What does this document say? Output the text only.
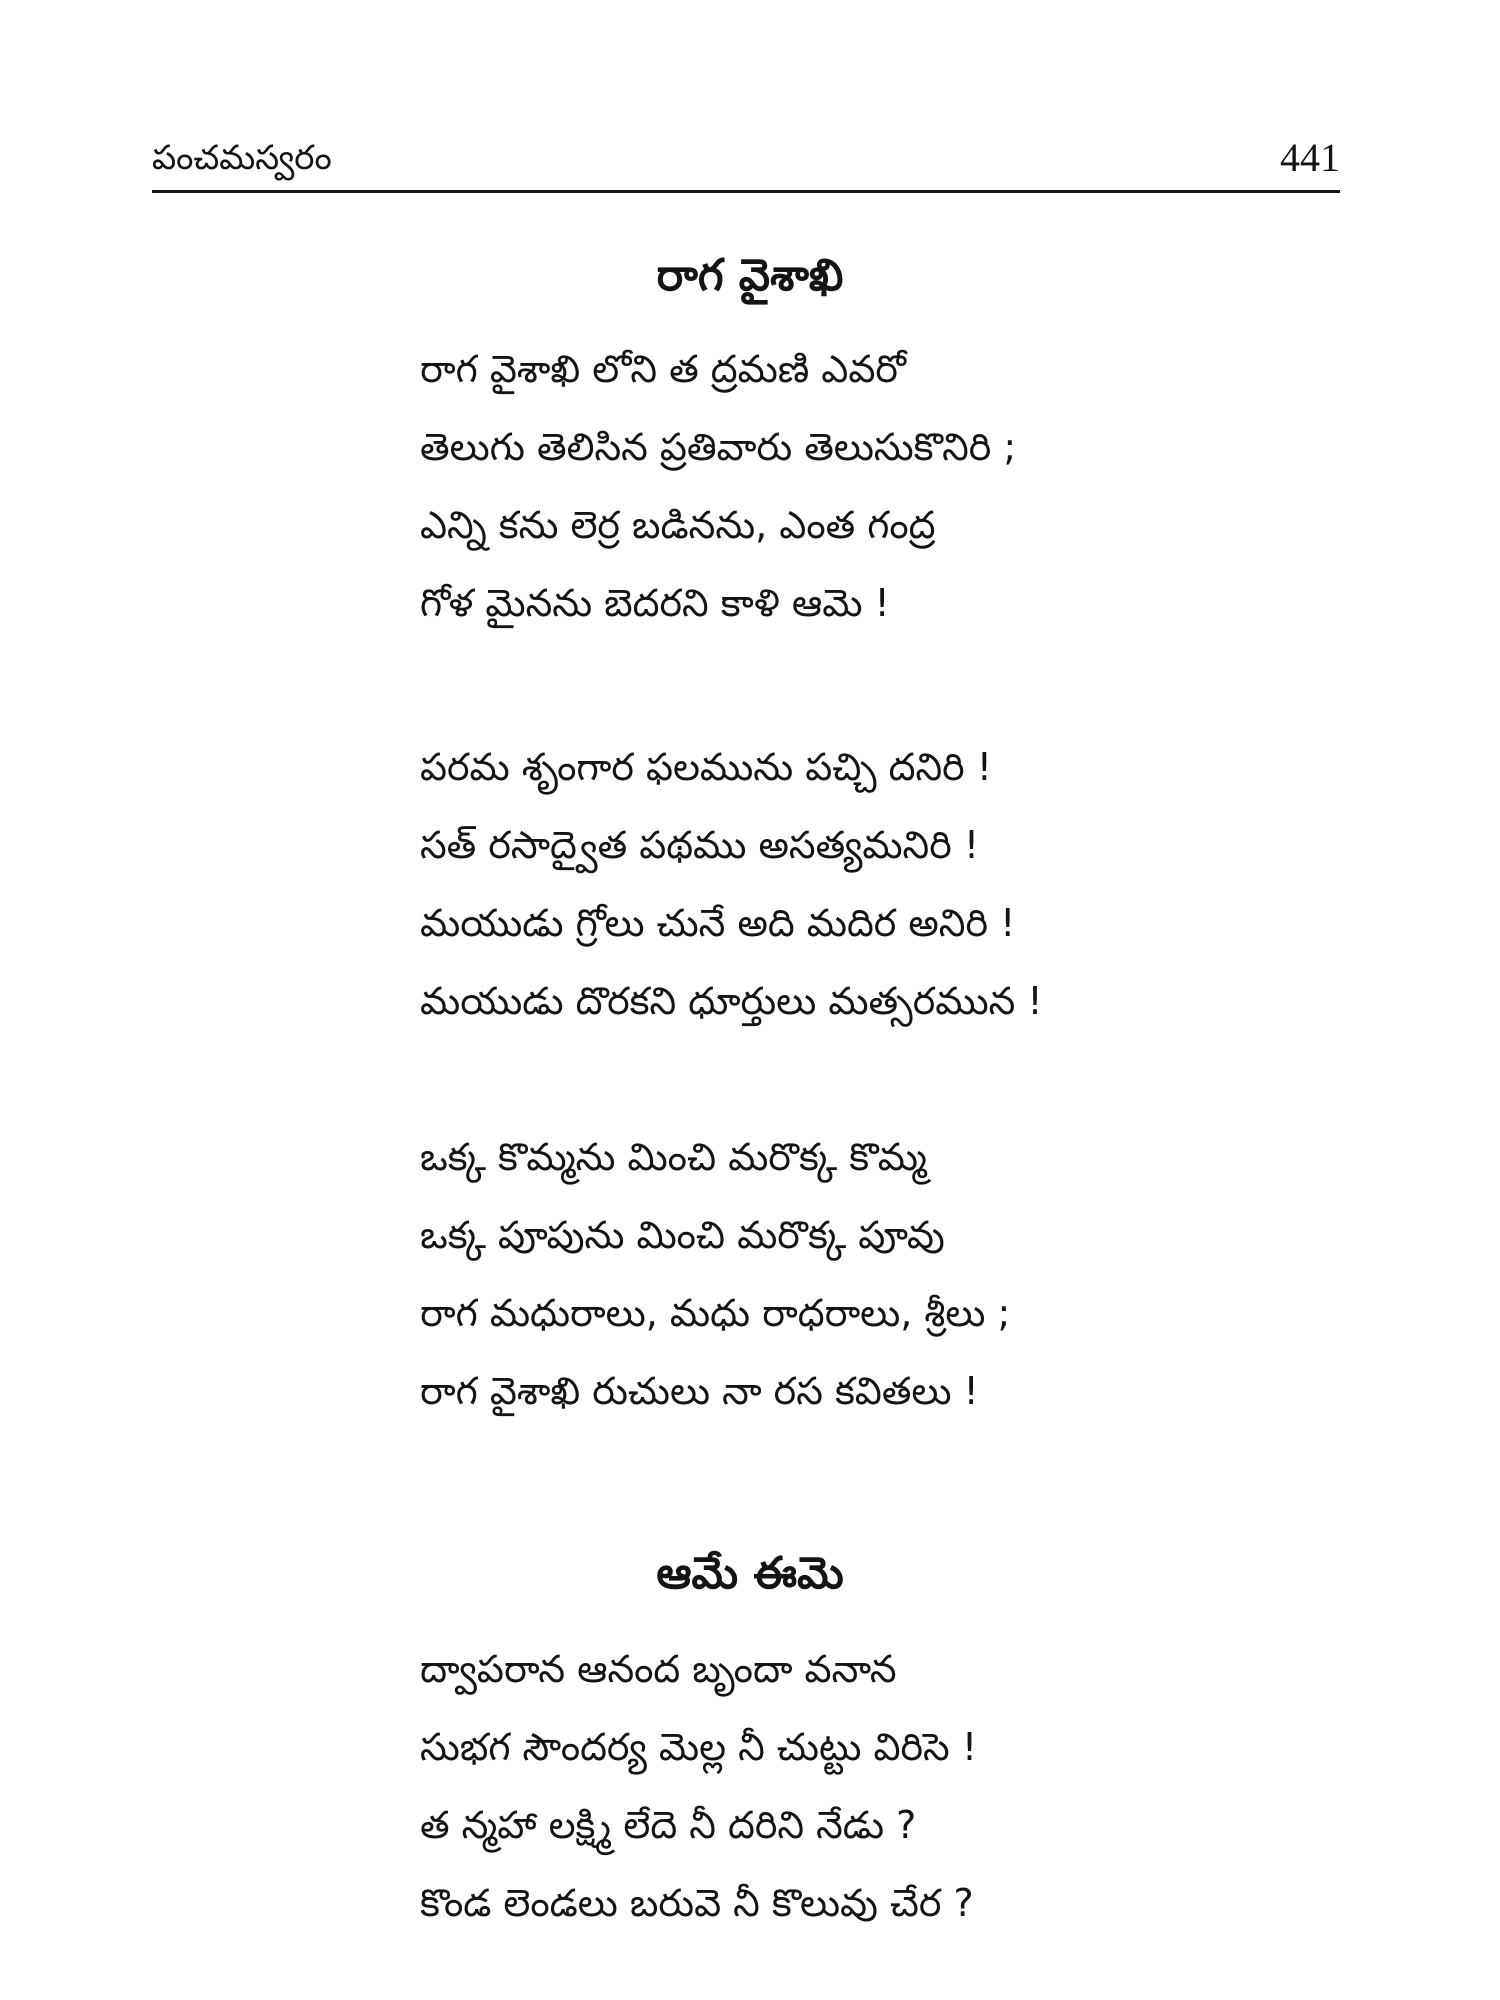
పంచమస్వరం	441
రాగ వైశాఖి
రాగ వైశాఖి లోని త ద్రమణి ఎవరో
తెలుగు తెలిసిన ప్రతివారు తెలుసుకొనిరి ;
ఎన్ని కను లెర్ర బడినను, ఎంత గంద్ర
గోళ మైనను బెదరని కాళి ఆమె !
పరమ శృంగార ఫలమును పచ్చి దనిరి !
సత్ రసాద్వైత పథము అసత్యమనిరి !
మయుడు గ్రోలు చునే అది మదిర అనిరి !
మయుడు దొరకని ధూర్తులు మత్సరమున !
ఒక్క కొమ్మను మించి మరొక్క కొమ్మ
ఒక్క పూపును మించి మరొక్క పూవు
రాగ మధురాలు, మధు రాధరాలు, శ్రీలు ;
రాగ వైశాఖి రుచులు నా రస కవితలు !
ఆమే ఈమె
ద్వాపరాన ఆనంద బృందా వనాన
సుభగ సౌందర్య మెల్ల నీ చుట్టు విరిసె !
త న్మహా లక్ష్మి లేదె నీ దరిని నేడు ?
కొండ లెండలు బరువె నీ కొలువు చేర ?
